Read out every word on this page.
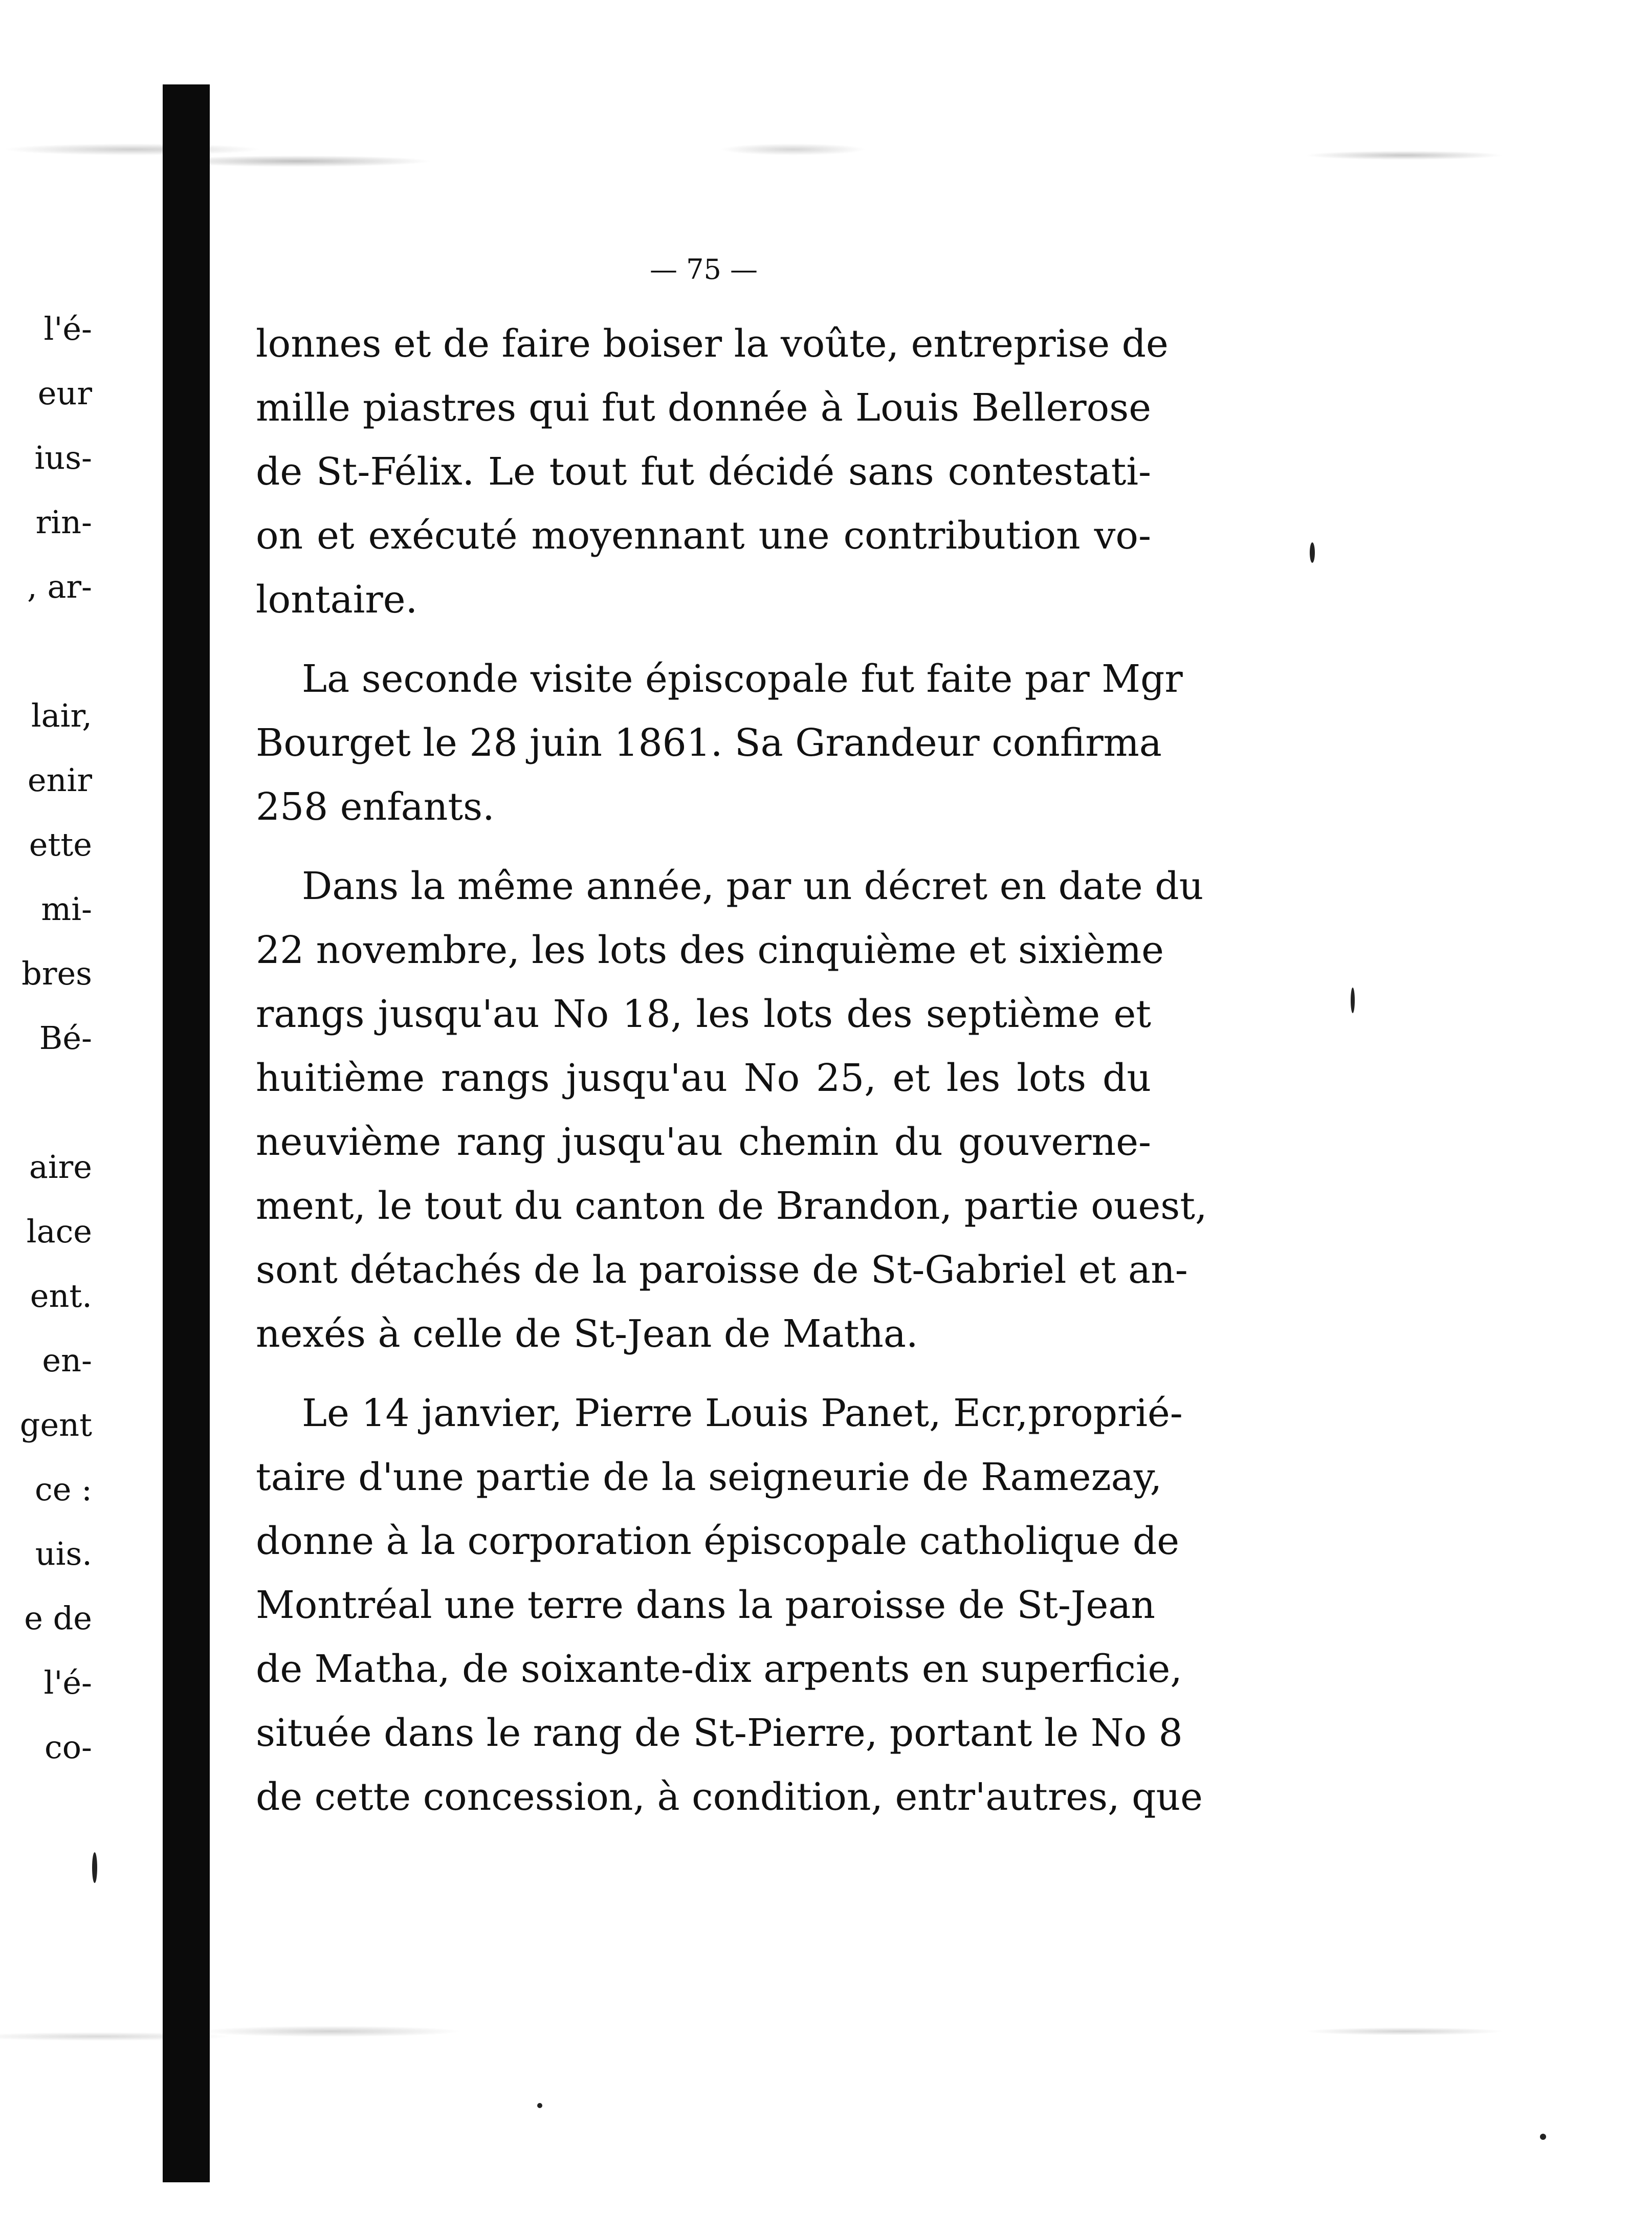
l'é-
eur
ius-
rin-
, ar-
lair,
enir
ette
mi-
bres
Bé-
aire
lace
ent.
en-
gent
ce :
uis.
e de
l'é-
co-
— 75 —
lonnes et de faire boiser la voûte, entreprise de
mille piastres qui fut donnée à Louis Bellerose
de St-Félix. Le tout fut décidé sans contestati-
on et exécuté moyennant une contribution vo-
lontaire.
La seconde visite épiscopale fut faite par Mgr
Bourget le 28 juin 1861. Sa Grandeur confirma
258 enfants.
Dans la même année, par un décret en date du
22 novembre, les lots des cinquième et sixième
rangs jusqu'au No 18, les lots des septième et
huitième rangs jusqu'au No 25, et les lots du
neuvième rang jusqu'au chemin du gouverne-
ment, le tout du canton de Brandon, partie ouest,
sont détachés de la paroisse de St-Gabriel et an-
nexés à celle de St-Jean de Matha.
Le 14 janvier, Pierre Louis Panet, Ecr,proprié-
taire d'une partie de la seigneurie de Ramezay,
donne à la corporation épiscopale catholique de
Montréal une terre dans la paroisse de St-Jean
de Matha, de soixante-dix arpents en superficie,
située dans le rang de St-Pierre, portant le No 8
de cette concession, à condition, entr'autres, que
